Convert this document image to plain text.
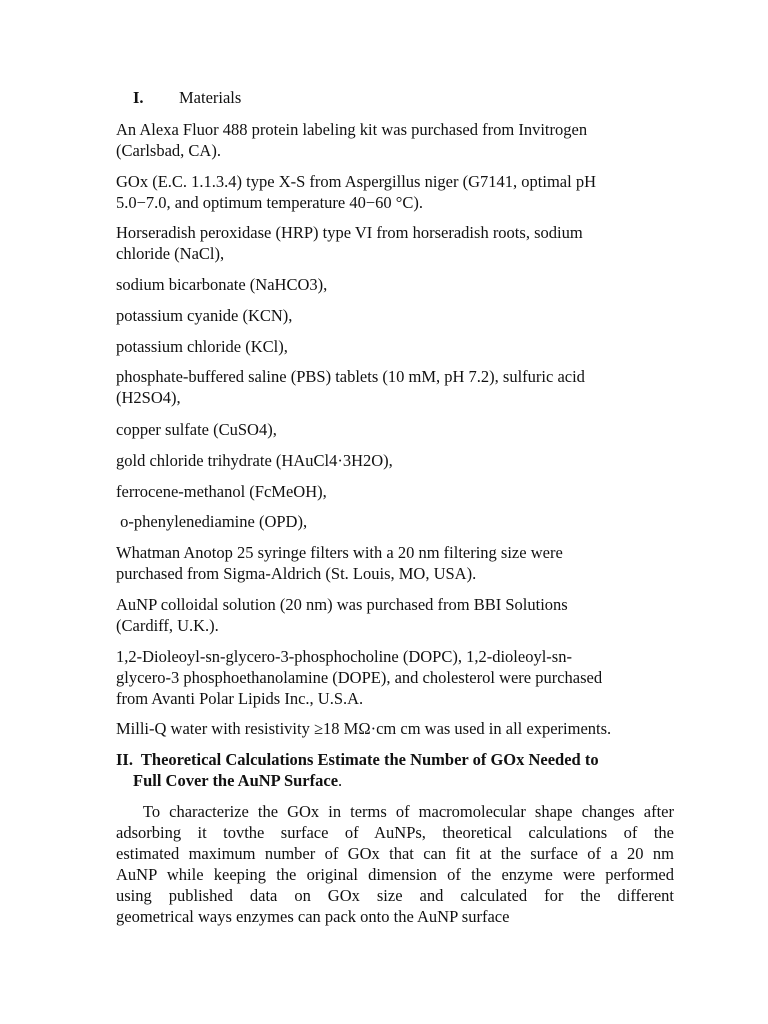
I. Materials
An Alexa Fluor 488 protein labeling kit was purchased from Invitrogen
(Carlsbad, CA).
GOx (E.C. 1.1.3.4) type X-S from Aspergillus niger (G7141, optimal pH
5.0−7.0, and optimum temperature 40−60 °C).
Horseradish peroxidase (HRP) type VI from horseradish roots, sodium
chloride (NaCl),
sodium bicarbonate (NaHCO3),
potassium cyanide (KCN),
potassium chloride (KCl),
phosphate-buffered saline (PBS) tablets (10 mM, pH 7.2), sulfuric acid
(H2SO4),
copper sulfate (CuSO4),
gold chloride trihydrate (HAuCl4·3H2O),
ferrocene-methanol (FcMeOH),
o-phenylenediamine (OPD),
Whatman Anotop 25 syringe filters with a 20 nm filtering size were
purchased from Sigma-Aldrich (St. Louis, MO, USA).
AuNP colloidal solution (20 nm) was purchased from BBI Solutions
(Cardiff, U.K.).
1,2-Dioleoyl-sn-glycero-3-phosphocholine (DOPC), 1,2-dioleoyl-sn-
glycero-3 phosphoethanolamine (DOPE), and cholesterol were purchased
from Avanti Polar Lipids Inc., U.S.A.
Milli-Q water with resistivity ≥18 MΩ·cm cm was used in all experiments.
II.  Theoretical Calculations Estimate the Number of GOx Needed to
Full Cover the AuNP Surface.
To characterize the GOx in terms of macromolecular shape changes after
adsorbing it tovthe surface of AuNPs, theoretical calculations of the
estimated maximum number of GOx that can fit at the surface of a 20 nm
AuNP while keeping the original dimension of the enzyme were performed
using published data on GOx size and calculated for the different
geometrical ways enzymes can pack onto the AuNP surface
